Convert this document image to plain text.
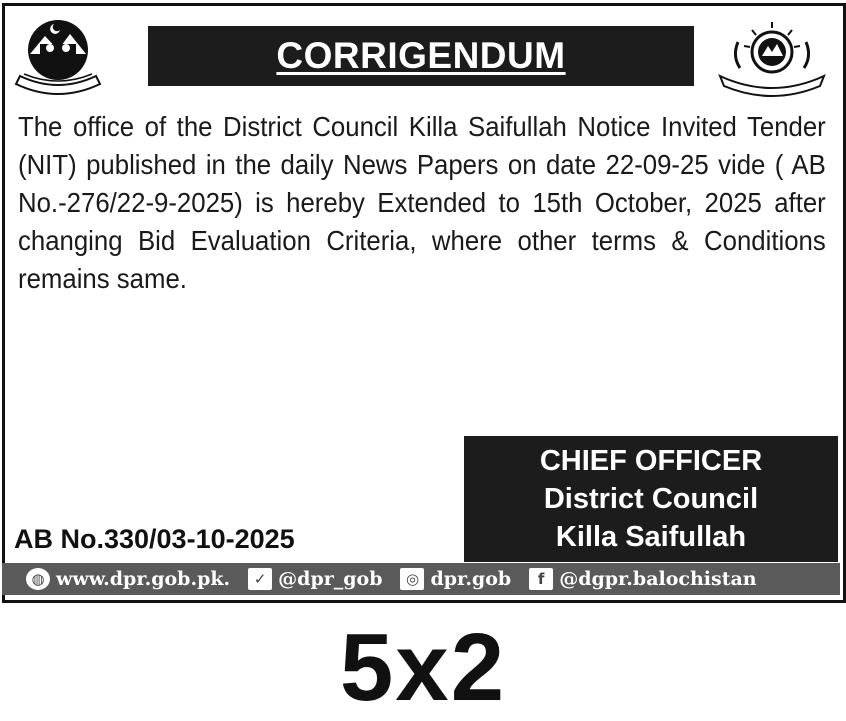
CORRIGENDUM
The office of the District Council Killa Saifullah Notice Invited Tender (NIT) published in the daily News Papers on date 22-09-25 vide ( AB No.-276/22-9-2025) is hereby Extended to 15th October, 2025 after changing Bid Evaluation Criteria, where other terms & Conditions remains same.
CHIEF OFFICER
District Council
Killa Saifullah
AB No.330/03-10-2025
◍ www.dpr.gob.pk.	✓ @dpr_gob	◎ dpr.gob	f @dgpr.balochistan
5x2
